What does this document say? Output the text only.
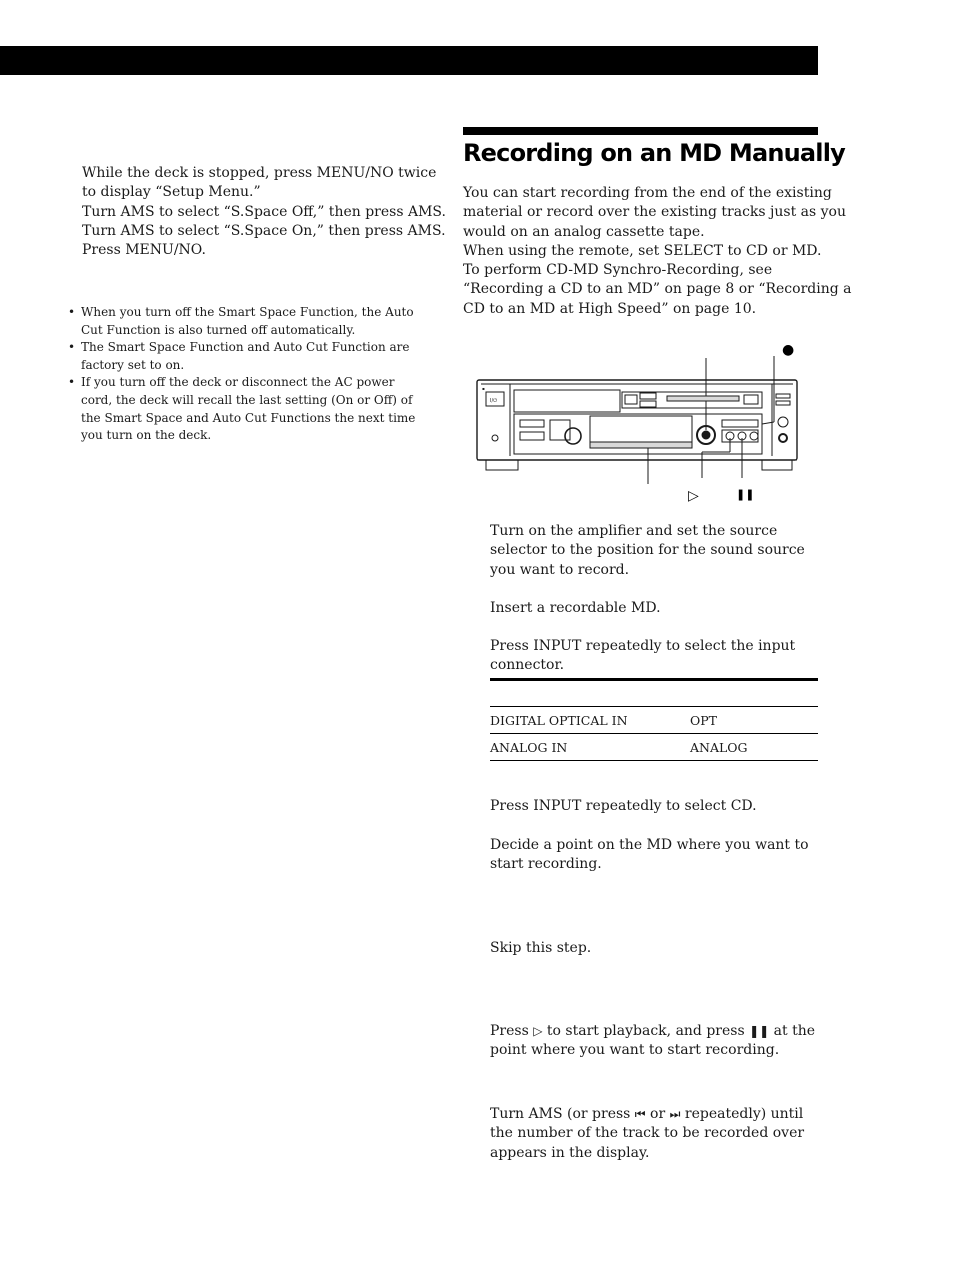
While the deck is stopped, press MENU/NO twice
to display “Setup Menu.”
Turn AMS to select “S.Space Off,” then press AMS.
Turn AMS to select “S.Space On,” then press AMS.
Press MENU/NO.
• When you turn off the Smart Space Function, the Auto Cut Function is also turned off automatically.
• The Smart Space Function and Auto Cut Function are factory set to on.
• If you turn off the deck or disconnect the AC power cord, the deck will recall the last setting (On or Off) of the Smart Space and Auto Cut Functions the next time you turn on the deck.
Recording on an MD Manually
You can start recording from the end of the existing
material or record over the existing tracks just as you
would on an analog cassette tape.
When using the remote, set SELECT to CD or MD.
To perform CD-MD Synchro-Recording, see
“Recording a CD to an MD” on page 8 or “Recording a
CD to an MD at High Speed” on page 10.
▪
I/⏻
●
▷	❚❚

Turn on the amplifier and set the source selector to the position for the sound source you want to record.

Insert a recordable MD.

Press INPUT repeatedly to select the input connector.

DIGITAL OPTICAL IN	OPT
ANALOG IN	ANALOG

Press INPUT repeatedly to select CD.

Decide a point on the MD where you want to start recording.

Skip this step.

Press ▷ to start playback, and press ❚❚ at the point where you want to start recording.

Turn AMS (or press ⏮ or ⏭ repeatedly) until the number of the track to be recorded over appears in the display.
